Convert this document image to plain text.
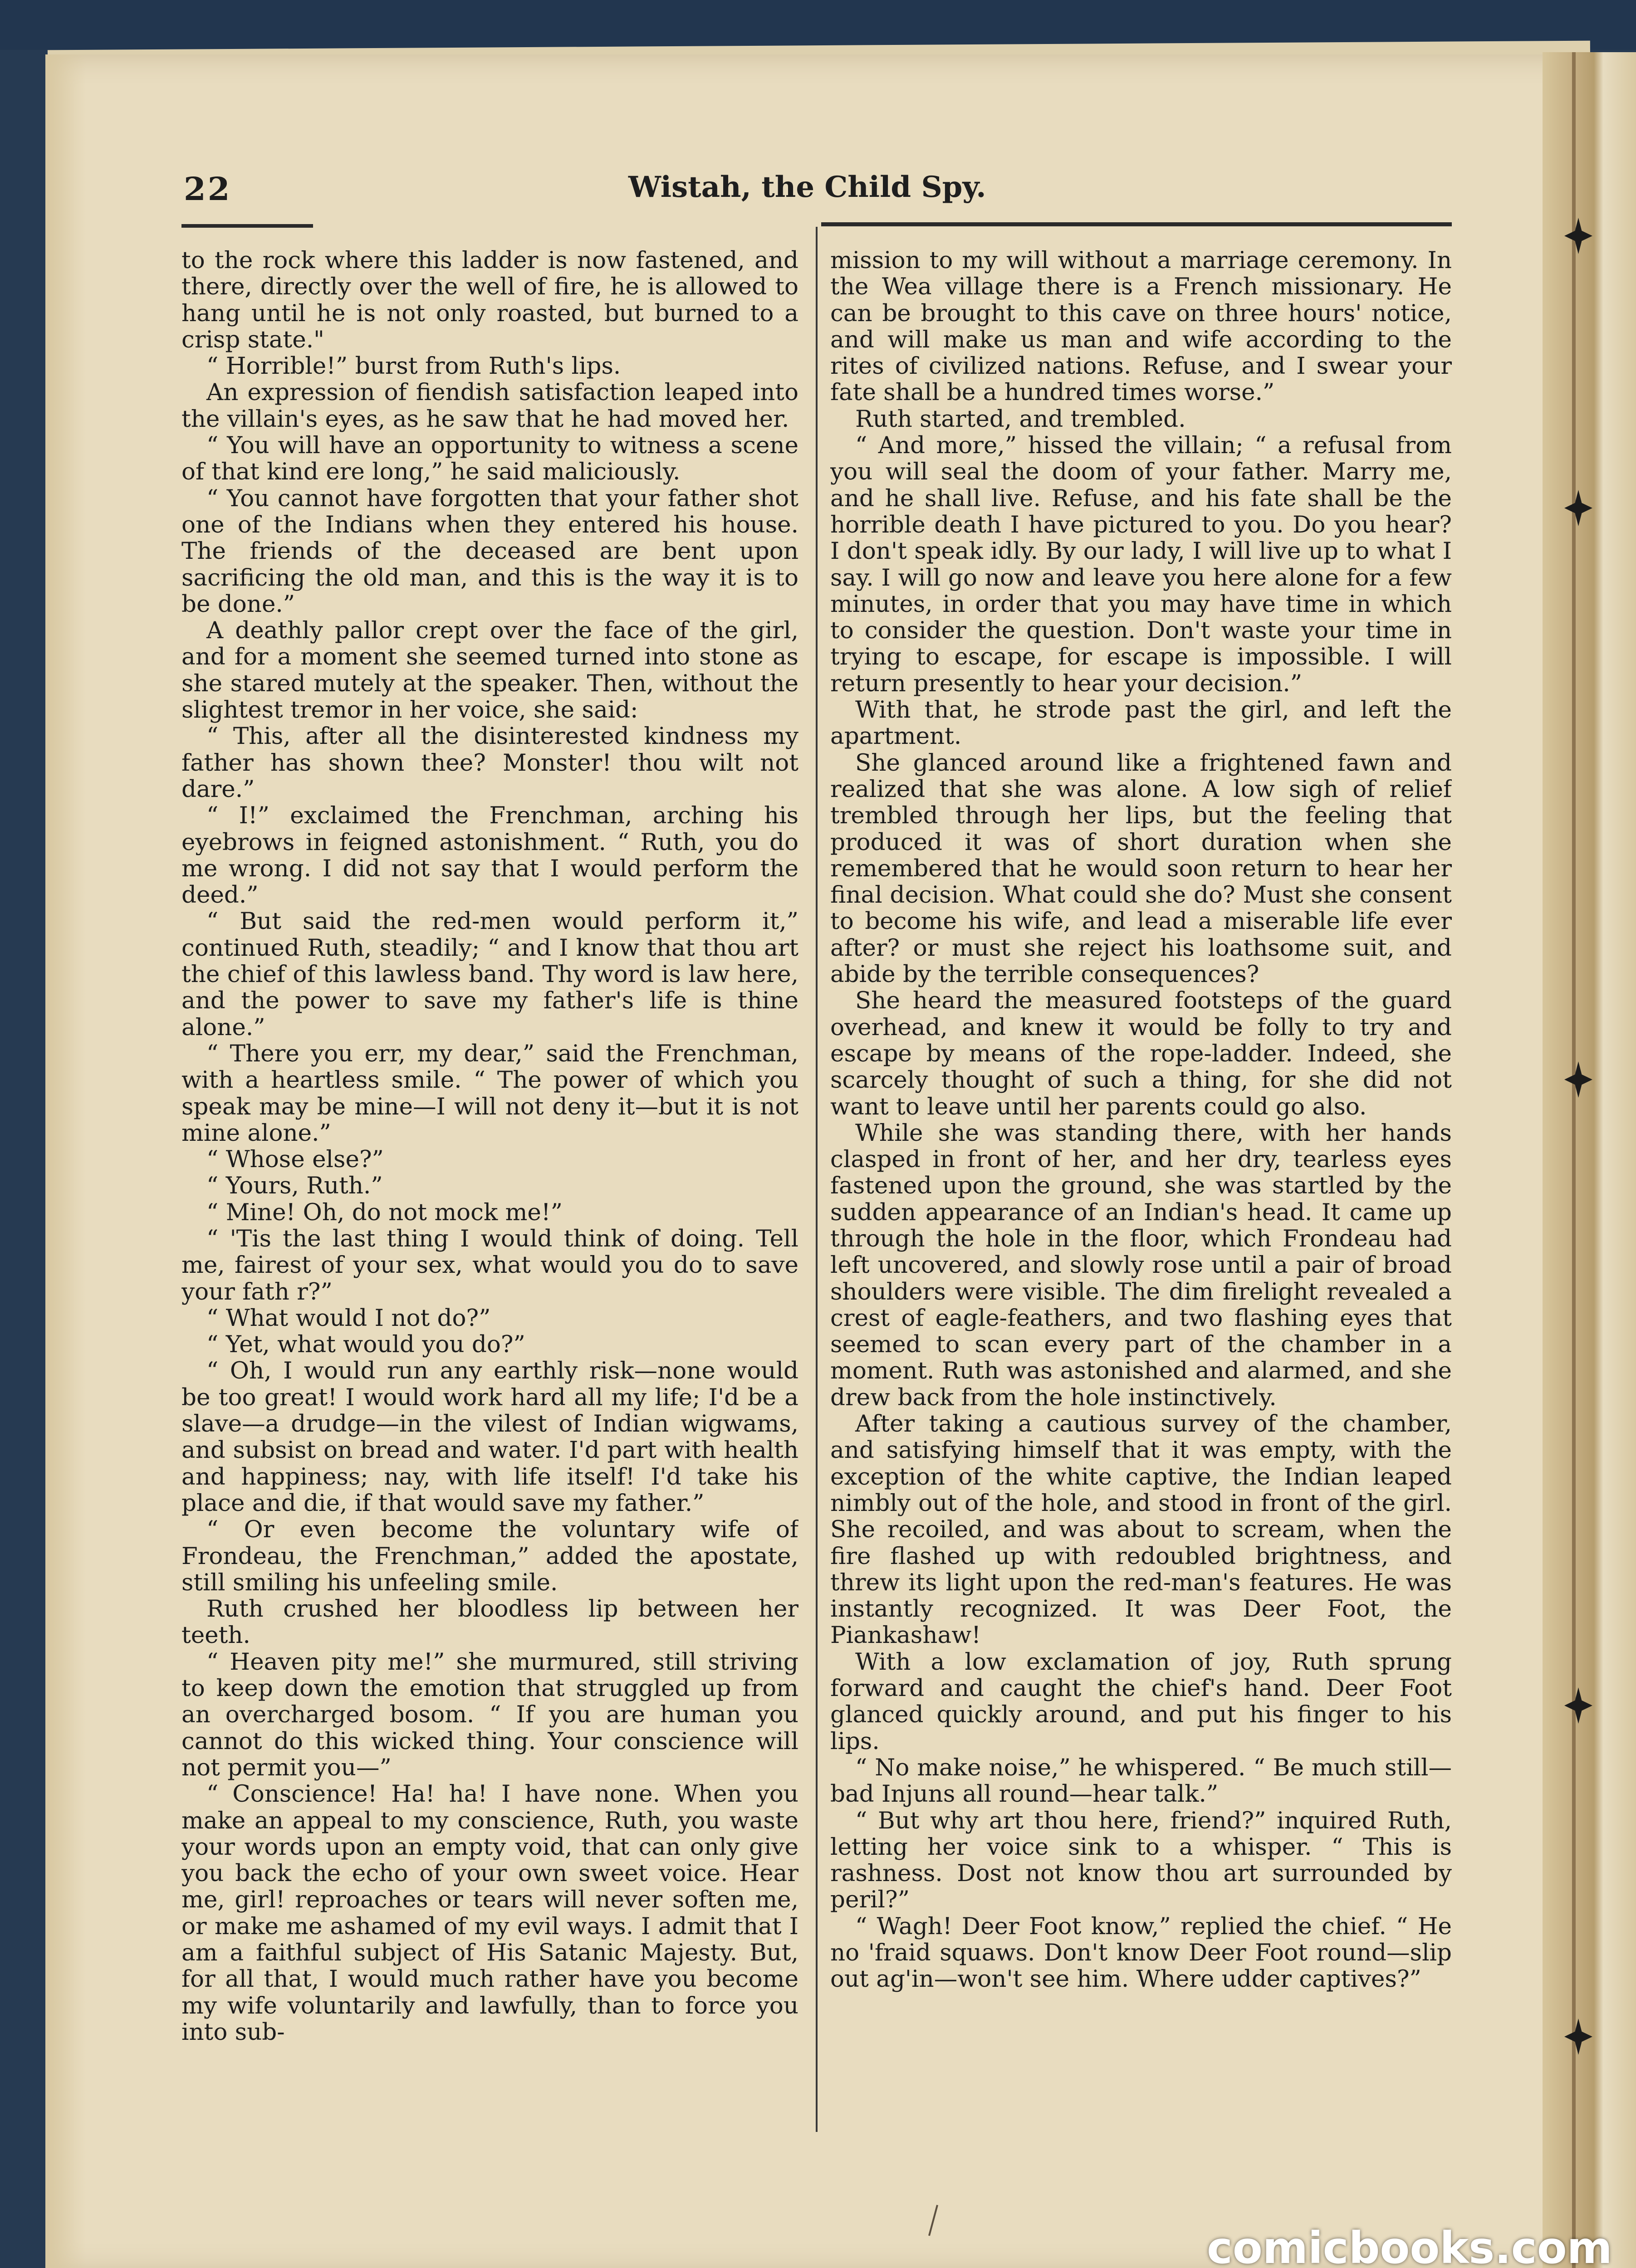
22	Wistah, the Child Spy.

to the rock where this ladder is now fastened, and there, directly over the well of fire, he is allowed to hang until he is not only roasted, but burned to a crisp state."

“ Horrible!” burst from Ruth's lips.

An expression of fiendish satisfaction leaped into the villain's eyes, as he saw that he had moved her.

“ You will have an opportunity to witness a scene of that kind ere long,” he said maliciously.

“ You cannot have forgotten that your father shot one of the Indians when they entered his house. The friends of the deceased are bent upon sacrificing the old man, and this is the way it is to be done.”

A deathly pallor crept over the face of the girl, and for a moment she seemed turned into stone as she stared mutely at the speaker. Then, without the slightest tremor in her voice, she said:

“ This, after all the disinterested kindness my father has shown thee? Monster! thou wilt not dare.”

“ I!” exclaimed the Frenchman, arching his eyebrows in feigned astonishment. “ Ruth, you do me wrong. I did not say that I would perform the deed.”

“ But said the red-men would perform it,” continued Ruth, steadily; “ and I know that thou art the chief of this lawless band. Thy word is law here, and the power to save my father's life is thine alone.”

“ There you err, my dear,” said the Frenchman, with a heartless smile. “ The power of which you speak may be mine—I will not deny it—but it is not mine alone.”

“ Whose else?”

“ Yours, Ruth.”

“ Mine! Oh, do not mock me!”

“ 'Tis the last thing I would think of doing. Tell me, fairest of your sex, what would you do to save your fath r?”

“ What would I not do?”

“ Yet, what would you do?”

“ Oh, I would run any earthly risk—none would be too great! I would work hard all my life; I'd be a slave—a drudge—in the vilest of Indian wigwams, and subsist on bread and water. I'd part with health and happiness; nay, with life itself! I'd take his place and die, if that would save my father.”

“ Or even become the voluntary wife of Frondeau, the Frenchman,” added the apostate, still smiling his unfeeling smile.

Ruth crushed her bloodless lip between her teeth.

“ Heaven pity me!” she murmured, still striving to keep down the emotion that struggled up from an overcharged bosom. “ If you are human you cannot do this wicked thing. Your conscience will not permit you—”

“ Conscience! Ha! ha! I have none. When you make an appeal to my conscience, Ruth, you waste your words upon an empty void, that can only give you back the echo of your own sweet voice. Hear me, girl! reproaches or tears will never soften me, or make me ashamed of my evil ways. I admit that I am a faithful subject of His Satanic Majesty. But, for all that, I would much rather have you become my wife voluntarily and lawfully, than to force you into sub-

mission to my will without a marriage ceremony. In the Wea village there is a French missionary. He can be brought to this cave on three hours' notice, and will make us man and wife according to the rites of civilized nations. Refuse, and I swear your fate shall be a hundred times worse.”

Ruth started, and trembled.

“ And more,” hissed the villain; “ a refusal from you will seal the doom of your father. Marry me, and he shall live. Refuse, and his fate shall be the horrible death I have pictured to you. Do you hear? I don't speak idly. By our lady, I will live up to what I say. I will go now and leave you here alone for a few minutes, in order that you may have time in which to consider the question. Don't waste your time in trying to escape, for escape is impossible. I will return presently to hear your decision.”

With that, he strode past the girl, and left the apartment.

She glanced around like a frightened fawn and realized that she was alone. A low sigh of relief trembled through her lips, but the feeling that produced it was of short duration when she remembered that he would soon return to hear her final decision. What could she do? Must she consent to become his wife, and lead a miserable life ever after? or must she reject his loathsome suit, and abide by the terrible consequences?

She heard the measured footsteps of the guard overhead, and knew it would be folly to try and escape by means of the rope-ladder. Indeed, she scarcely thought of such a thing, for she did not want to leave until her parents could go also.

While she was standing there, with her hands clasped in front of her, and her dry, tearless eyes fastened upon the ground, she was startled by the sudden appearance of an Indian's head. It came up through the hole in the floor, which Frondeau had left uncovered, and slowly rose until a pair of broad shoulders were visible. The dim firelight revealed a crest of eagle-feathers, and two flashing eyes that seemed to scan every part of the chamber in a moment. Ruth was astonished and alarmed, and she drew back from the hole instinctively.

After taking a cautious survey of the chamber, and satisfying himself that it was empty, with the exception of the white captive, the Indian leaped nimbly out of the hole, and stood in front of the girl. She recoiled, and was about to scream, when the fire flashed up with redoubled brightness, and threw its light upon the red-man's features. He was instantly recognized. It was Deer Foot, the Piankashaw!

With a low exclamation of joy, Ruth sprung forward and caught the chief's hand. Deer Foot glanced quickly around, and put his finger to his lips.

“ No make noise,” he whispered. “ Be much still—bad Injuns all round—hear talk.”

“ But why art thou here, friend?” inquired Ruth, letting her voice sink to a whisper. “ This is rashness. Dost not know thou art surrounded by peril?”

“ Wagh! Deer Foot know,” replied the chief. “ He no 'fraid squaws. Don't know Deer Foot round—slip out ag'in—won't see him. Where udder captives?”

comicbooks.com
